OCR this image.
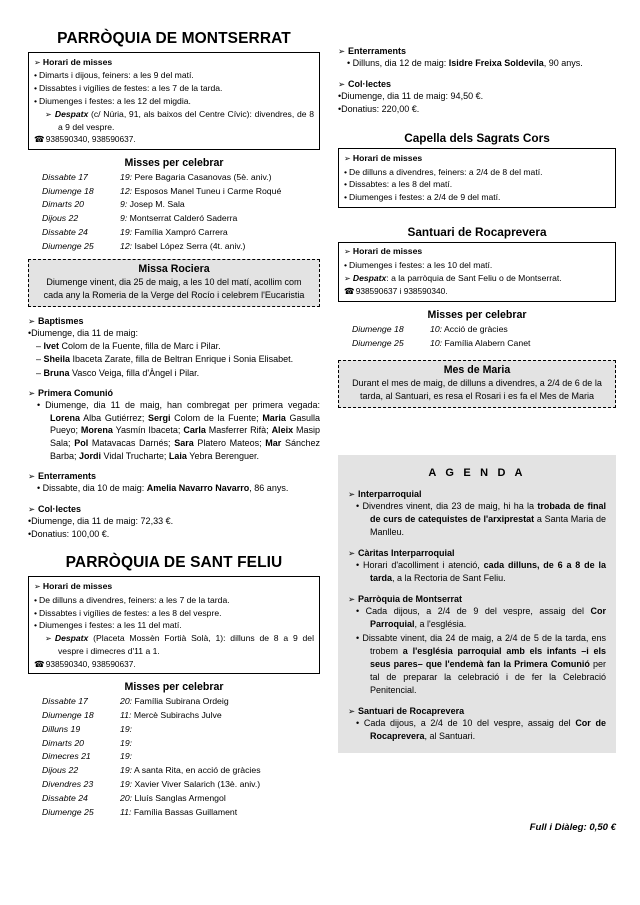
PARRÒQUIA DE MONTSERRAT

➢ Horari de misses

• Dimarts i dijous, feiners: a les 9 del matí.

• Dissabtes i vigílies de festes: a les 7 de la tarda.

• Diumenges i festes: a les 12 del migdia.

➢ Despatx (c/ Núria, 91, als baixos del Centre Cívic): divendres, de 8 a 9 del vespre.

☎938590340, 938590637.

Misses per celebrar
Dissabte 17	19: Pere Bagaria Casanovas (5è. aniv.)
Diumenge 18	12: Esposos Manel Tuneu i Carme Roqué
Dimarts 20	9: Josep M. Sala
Dijous 22	9: Montserrat Calderó Saderra
Dissabte 24	19: Família Xampró Carrera
Diumenge 25	12: Isabel López Serra (4t. aniv.)
Missa Rociera
Diumenge vinent, dia 25 de maig, a les 10 del matí, acollim com cada any la Romeria de la Verge del Rocío i celebrem l'Eucaristia

➢ Baptismes

•Diumenge, dia 11 de maig:

– Ivet Colom de la Fuente, filla de Marc i Pilar.

– Sheila Ibaceta Zarate, filla de Beltran Enrique i Sonia Elisabet.

– Bruna Vasco Veiga, filla d'Àngel i Pilar.

➢ Primera Comunió

• Diumenge, dia 11 de maig, han combregat per primera vegada: Lorena Alba Gutiérrez; Sergi Colom de la Fuente; Maria Gasulla Pueyo; Morena Yasmín Ibaceta; Carla Masferrer Rifà; Aleix Masip Sala; Pol Matavacas Darnés; Sara Platero Mateos; Mar Sánchez Barba; Jordi Vidal Trucharte; Laia Yebra Berenguer.

➢ Enterraments

• Dissabte, dia 10 de maig: Amelia Navarro Navarro, 86 anys.

➢ Col·lectes

•Diumenge, dia 11 de maig: 72,33 €.

•Donatius: 100,00 €.

PARRÒQUIA DE SANT FELIU

➢ Horari de misses

• De dilluns a divendres, feiners: a les 7 de la tarda.

• Dissabtes i vigílies de festes: a les 8 del vespre.

• Diumenges i festes: a les 11 del matí.

➢ Despatx (Placeta Mossèn Fortià Solà, 1): dilluns de 8 a 9 del vespre i dimecres d'11 a 1.

☎938590340, 938590637.

Misses per celebrar
Dissabte 17	20: Família Subirana Ordeig
Diumenge 18	11: Mercè Subirachs Julve
Dilluns 19	19:
Dimarts 20	19:
Dimecres 21	19:
Dijous 22	19: A santa Rita, en acció de gràcies
Divendres 23	19: Xavier Viver Salarich (13è. aniv.)
Dissabte 24	20: Lluís Sanglas Armengol
Diumenge 25	11: Família Bassas Guillament

➢ Enterraments

• Dilluns, dia 12 de maig: Isidre Freixa Soldevila, 90 anys.

➢ Col·lectes

•Diumenge, dia 11 de maig: 94,50 €.

•Donatius: 220,00 €.

Capella dels Sagrats Cors

➢ Horari de misses

• De dilluns a divendres, feiners: a 2/4 de 8 del matí.

• Dissabtes: a les 8 del matí.

• Diumenges i festes: a 2/4 de 9 del matí.

Santuari de Rocaprevera

➢ Horari de misses

• Diumenges i festes: a les 10 del matí.

➢ Despatx: a la parròquia de Sant Feliu o de Montserrat.

☎938590637 i 938590340.

Misses per celebrar
Diumenge 18	10: Acció de gràcies
Diumenge 25	10: Família Alabern Canet
Mes de Maria
Durant el mes de maig, de dilluns a divendres, a 2/4 de 6 de la tarda, al Santuari, es resa el Rosari i es fa el Mes de Maria
A G E N D A

➢ Interparroquial

• Divendres vinent, dia 23 de maig, hi ha la trobada de final de curs de catequistes de l'arxiprestat a Santa Maria de Manlleu.

➢ Càritas Interparroquial

• Horari d'acolliment i atenció, cada dilluns, de 6 a 8 de la tarda, a la Rectoria de Sant Feliu.

➢ Parròquia de Montserrat

• Cada dijous, a 2/4 de 9 del vespre, assaig del Cor Parroquial, a l'església.

• Dissabte vinent, dia 24 de maig, a 2/4 de 5 de la tarda, ens trobem a l'església parroquial amb els infants –i els seus pares– que l'endemà fan la Primera Comunió per tal de preparar la celebració i de fer la Celebració Penitencial.

➢ Santuari de Rocaprevera

• Cada dijous, a 2/4 de 10 del vespre, assaig del Cor de Rocaprevera, al Santuari.

Full i Diàleg: 0,50 €
